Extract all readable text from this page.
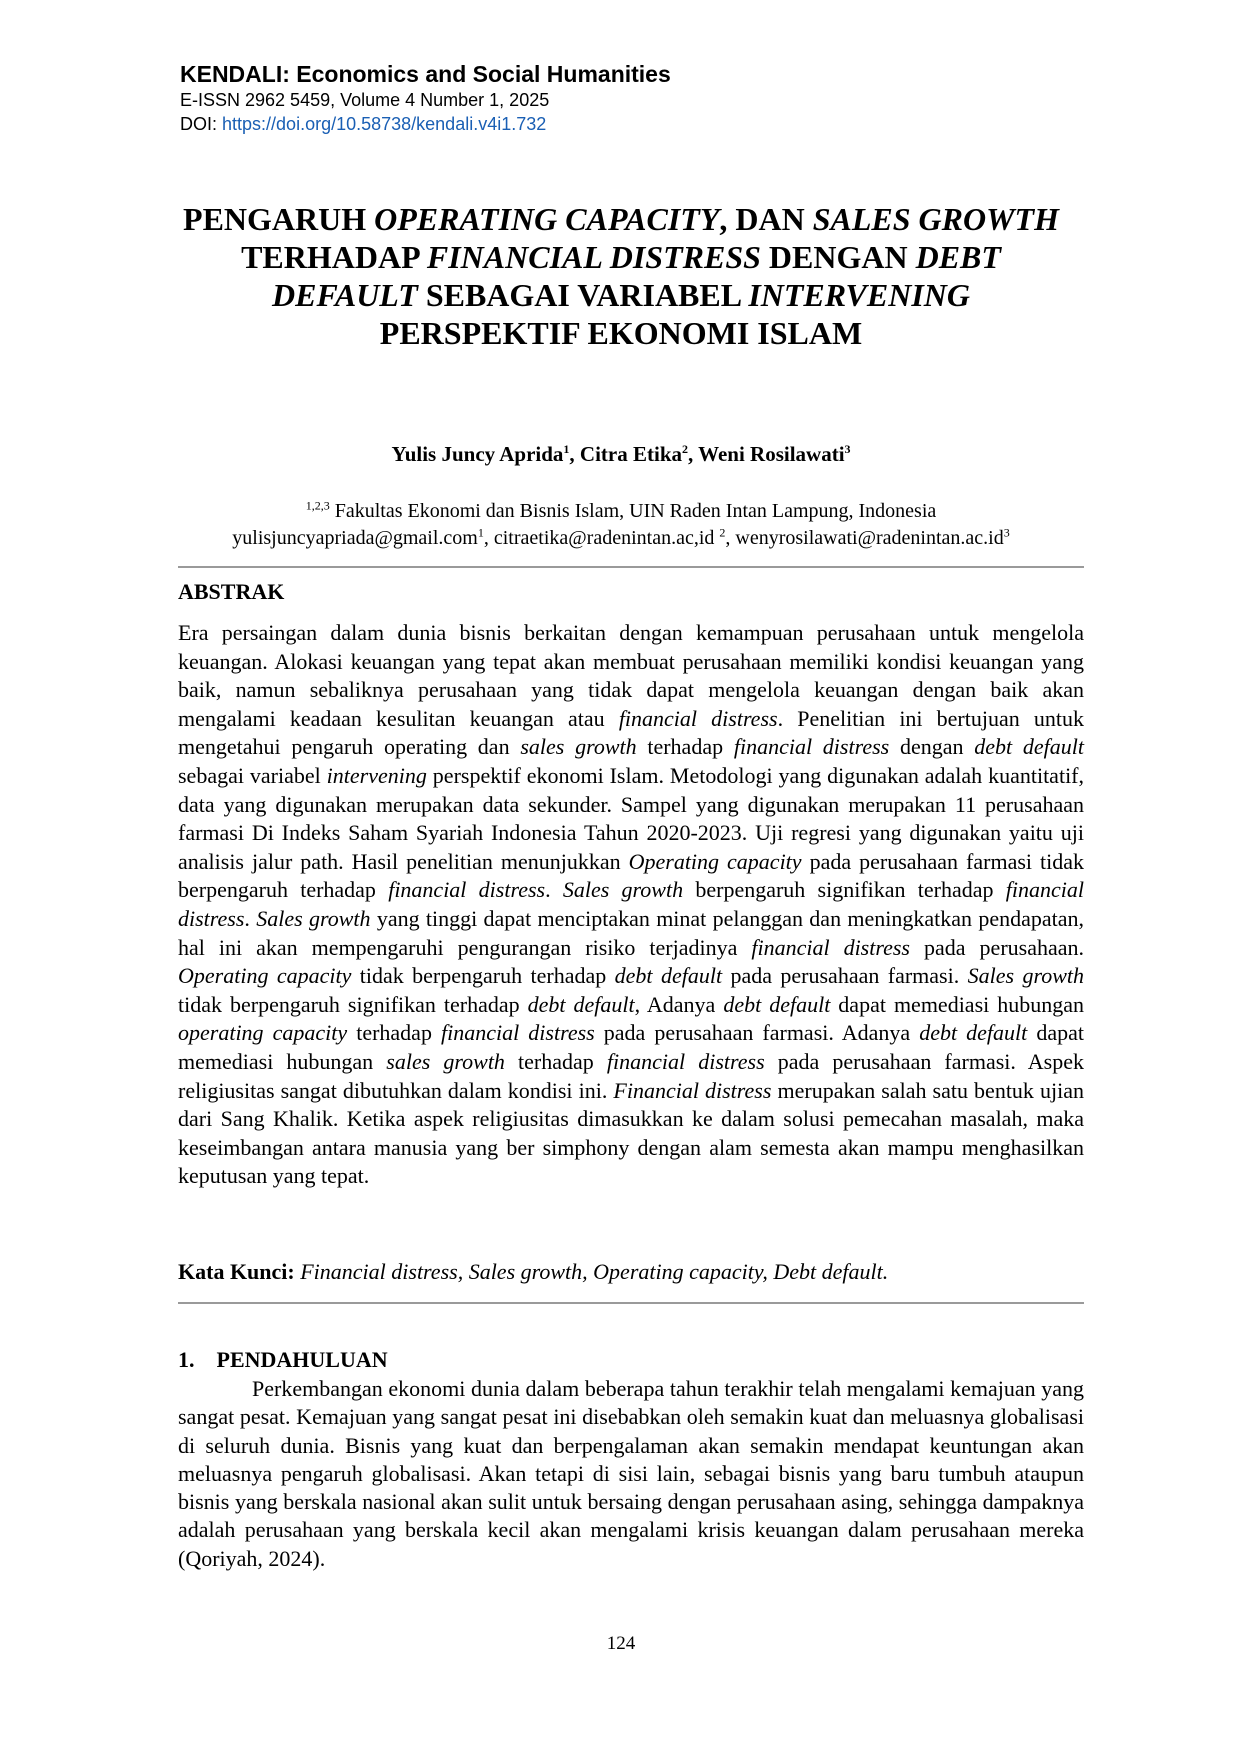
KENDALI: Economics and Social Humanities
E-ISSN 2962 5459, Volume 4 Number 1, 2025
DOI: https://doi.org/10.58738/kendali.v4i1.732
PENGARUH OPERATING CAPACITY, DAN SALES GROWTH
TERHADAP FINANCIAL DISTRESS DENGAN DEBT
DEFAULT SEBAGAI VARIABEL INTERVENING
PERSPEKTIF EKONOMI ISLAM
Yulis Juncy Aprida$^1$, Citra Etika$^2$, Weni Rosilawati$^3$
$^{1,2,3}$ Fakultas Ekonomi dan Bisnis Islam, UIN Raden Intan Lampung, Indonesia
yulisjuncyapriada@gmail.com$^1$, citraetika@radenintan.ac,id $^2$, $wenyrosilawati@radenintan.ac.id^3$
ABSTRAK

Era persaingan dalam dunia bisnis berkaitan dengan kemampuan perusahaan untuk mengelola keuangan. Alokasi keuangan yang tepat akan membuat perusahaan memiliki kondisi keuangan yang baik, namun sebaliknya perusahaan yang tidak dapat mengelola keuangan dengan baik akan mengalami keadaan kesulitan keuangan atau financial distress. Penelitian ini bertujuan untuk mengetahui pengaruh operating dan sales growth terhadap financial distress dengan debt default sebagai variabel intervening perspektif ekonomi Islam. Metodologi yang digunakan adalah kuantitatif, data yang digunakan merupakan data sekunder. Sampel yang digunakan merupakan 11 perusahaan farmasi Di Indeks Saham Syariah Indonesia Tahun 2020-2023. Uji regresi yang digunakan yaitu uji analisis jalur path. Hasil penelitian menunjukkan Operating capacity pada perusahaan farmasi tidak berpengaruh terhadap financial distress. Sales growth berpengaruh signifikan terhadap financial distress. Sales growth yang tinggi dapat menciptakan minat pelanggan dan meningkatkan pendapatan, hal ini akan mempengaruhi pengurangan risiko terjadinya financial distress pada perusahaan. Operating capacity tidak berpengaruh terhadap debt default pada perusahaan farmasi. Sales growth tidak berpengaruh signifikan terhadap debt default, Adanya debt default dapat memediasi hubungan operating capacity terhadap financial distress pada perusahaan farmasi. Adanya debt default dapat memediasi hubungan sales growth terhadap financial distress pada perusahaan farmasi. Aspek religiusitas sangat dibutuhkan dalam kondisi ini. Financial distress merupakan salah satu bentuk ujian dari Sang Khalik. Ketika aspek religiusitas dimasukkan ke dalam solusi pemecahan masalah, maka keseimbangan antara manusia yang ber simphony dengan alam semesta akan mampu menghasilkan keputusan yang tepat.

Kata Kunci: Financial distress, Sales growth, Operating capacity, Debt default.
1. PENDAHULUAN
Perkembangan ekonomi dunia dalam beberapa tahun terakhir telah mengalami kemajuan yang sangat pesat. Kemajuan yang sangat pesat ini disebabkan oleh semakin kuat dan meluasnya globalisasi di seluruh dunia. Bisnis yang kuat dan berpengalaman akan semakin mendapat keuntungan akan meluasnya pengaruh globalisasi. Akan tetapi di sisi lain, sebagai bisnis yang baru tumbuh ataupun bisnis yang berskala nasional akan sulit untuk bersaing dengan perusahaan asing, sehingga dampaknya adalah perusahaan yang berskala kecil akan mengalami krisis keuangan dalam perusahaan mereka (Qoriyah, 2024).
124
